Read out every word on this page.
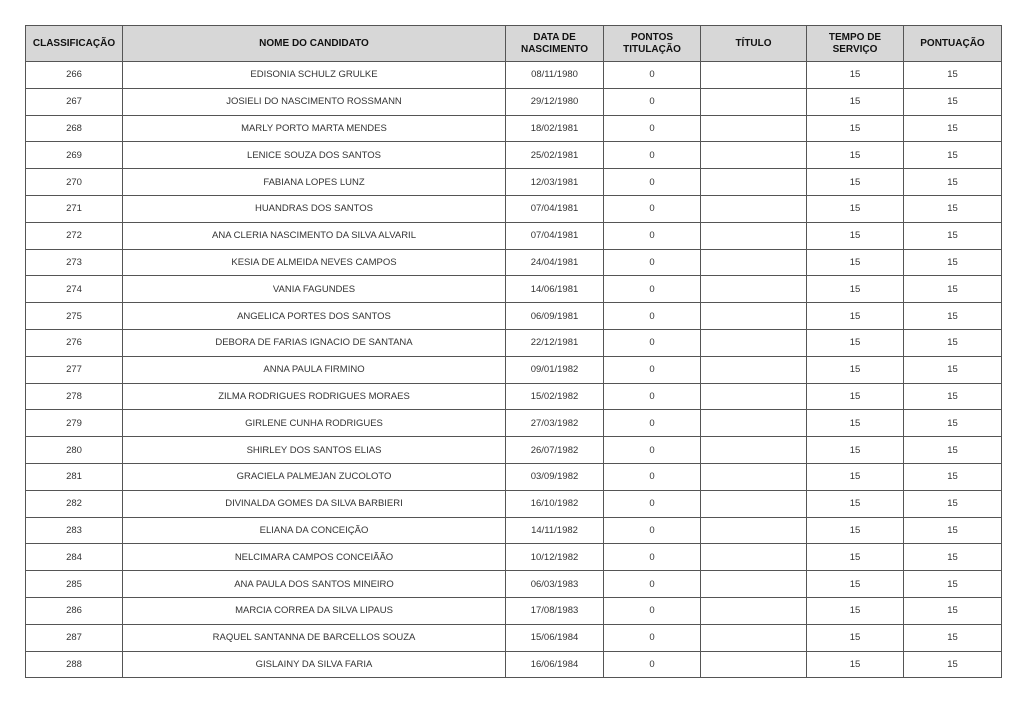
CLASSIFICAÇÃO	NOME DO CANDIDATO	DATA DE NASCIMENTO	PONTOS TITULAÇÃO	TÍTULO	TEMPO DE SERVIÇO	PONTUAÇÃO
266	EDISONIA SCHULZ GRULKE	08/11/1980	0		15	15
267	JOSIELI DO NASCIMENTO ROSSMANN	29/12/1980	0		15	15
268	MARLY PORTO MARTA MENDES	18/02/1981	0		15	15
269	LENICE SOUZA DOS SANTOS	25/02/1981	0		15	15
270	FABIANA LOPES LUNZ	12/03/1981	0		15	15
271	HUANDRAS DOS SANTOS	07/04/1981	0		15	15
272	ANA CLERIA NASCIMENTO DA SILVA ALVARIL	07/04/1981	0		15	15
273	KESIA DE ALMEIDA NEVES CAMPOS	24/04/1981	0		15	15
274	VANIA FAGUNDES	14/06/1981	0		15	15
275	ANGELICA PORTES DOS SANTOS	06/09/1981	0		15	15
276	DEBORA DE FARIAS IGNACIO DE SANTANA	22/12/1981	0		15	15
277	ANNA PAULA FIRMINO	09/01/1982	0		15	15
278	ZILMA RODRIGUES RODRIGUES MORAES	15/02/1982	0		15	15
279	GIRLENE CUNHA RODRIGUES	27/03/1982	0		15	15
280	SHIRLEY DOS SANTOS ELIAS	26/07/1982	0		15	15
281	GRACIELA PALMEJAN ZUCOLOTO	03/09/1982	0		15	15
282	DIVINALDA GOMES DA SILVA BARBIERI	16/10/1982	0		15	15
283	ELIANA DA CONCEIÇÃO	14/11/1982	0		15	15
284	NELCIMARA CAMPOS CONCEIÃÃO	10/12/1982	0		15	15
285	ANA PAULA DOS SANTOS MINEIRO	06/03/1983	0		15	15
286	MARCIA CORREA DA SILVA LIPAUS	17/08/1983	0		15	15
287	RAQUEL SANTANNA DE BARCELLOS SOUZA	15/06/1984	0		15	15
288	GISLAINY DA SILVA FARIA	16/06/1984	0		15	15
